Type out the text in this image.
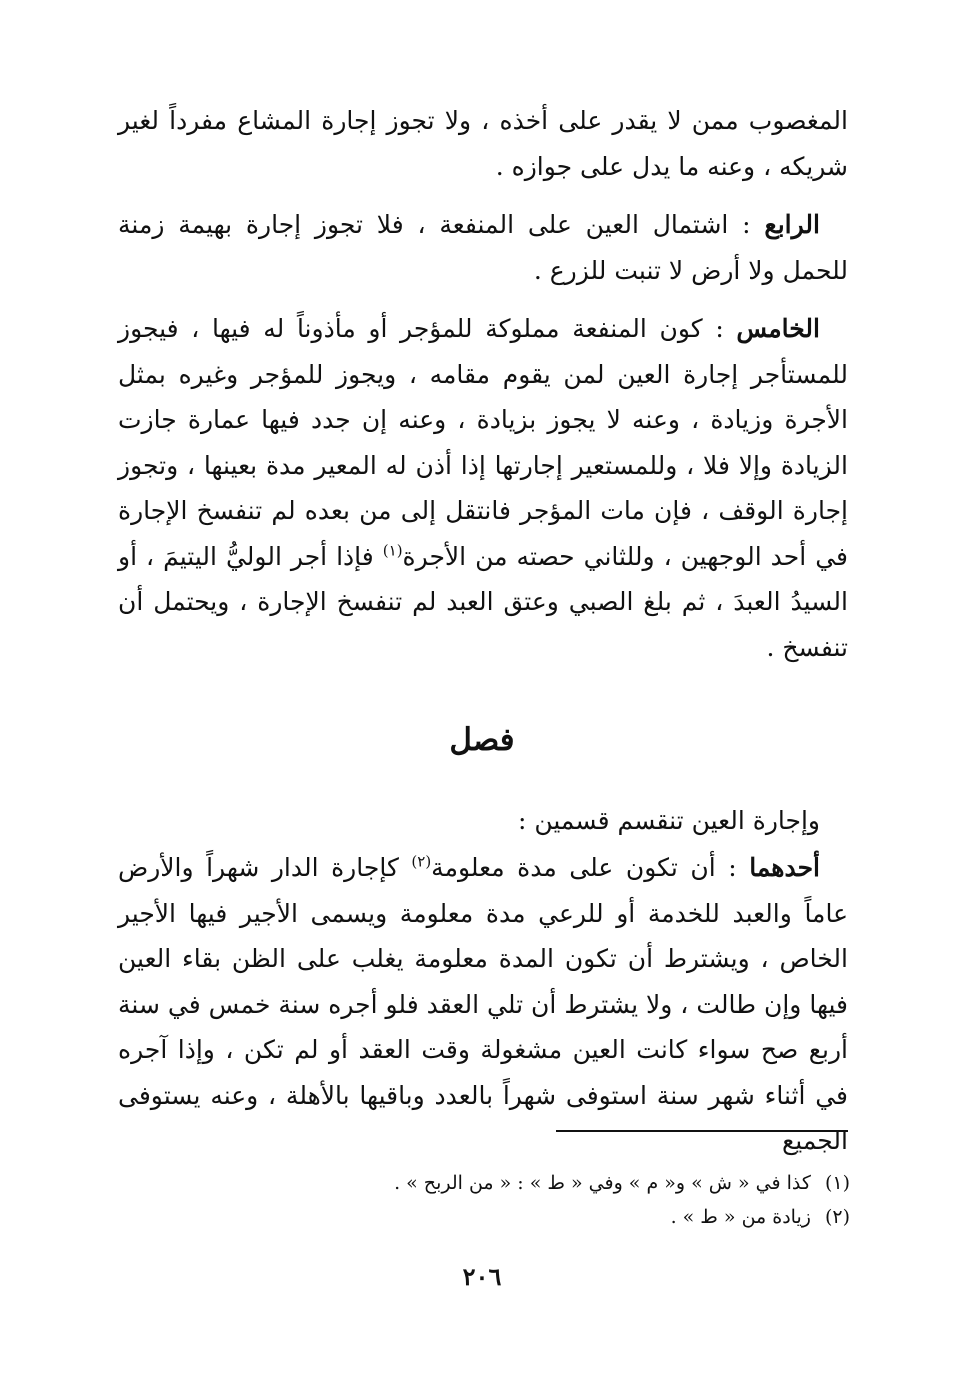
المغصوب ممن لا يقدر على أخذه ، ولا تجوز إجارة المشاع مفرداً لغير شريكه ، وعنه ما يدل على جوازه .

الرابع : اشتمال العين على المنفعة ، فلا تجوز إجارة بهيمة زمنة للحمل ولا أرض لا تنبت للزرع .

الخامس : كون المنفعة مملوكة للمؤجر أو مأذوناً له فيها ، فيجوز للمستأجر إجارة العين لمن يقوم مقامه ، ويجوز للمؤجر وغيره بمثل الأجرة وزيادة ، وعنه لا يجوز بزيادة ، وعنه إن جدد فيها عمارة جازت الزيادة وإلا فلا ، وللمستعير إجارتها إذا أذن له المعير مدة بعينها ، وتجوز إجارة الوقف ، فإن مات المؤجر فانتقل إلى من بعده لم تنفسخ الإجارة في أحد الوجهين ، وللثاني حصته من الأجرة$^{(١)}$ فإذا أجر الوليُّ اليتيمَ ، أو السيدُ العبدَ ، ثم بلغ الصبي وعتق العبد لم تنفسخ الإجارة ، ويحتمل أن تنفسخ .

فصل

وإجارة العين تنقسم قسمين :

أحدهما : أن تكون على مدة معلومة$^{(٢)}$ كإجارة الدار شهراً والأرض عاماً والعبد للخدمة أو للرعي مدة معلومة ويسمى الأجير فيها الأجير الخاص ، ويشترط أن تكون المدة معلومة يغلب على الظن بقاء العين فيها وإن طالت ، ولا يشترط أن تلي العقد فلو أجره سنة خمس في سنة أربع صح سواء كانت العين مشغولة وقت العقد أو لم تكن ، وإذا آجره في أثناء شهر سنة استوفى شهراً بالعدد وباقيها بالأهلة ، وعنه يستوفى الجميع

(١)كذا في « ش » و« م » وفي « ط » : « من الربح » .

(٢)زيادة من « ط » .

٢٠٦
